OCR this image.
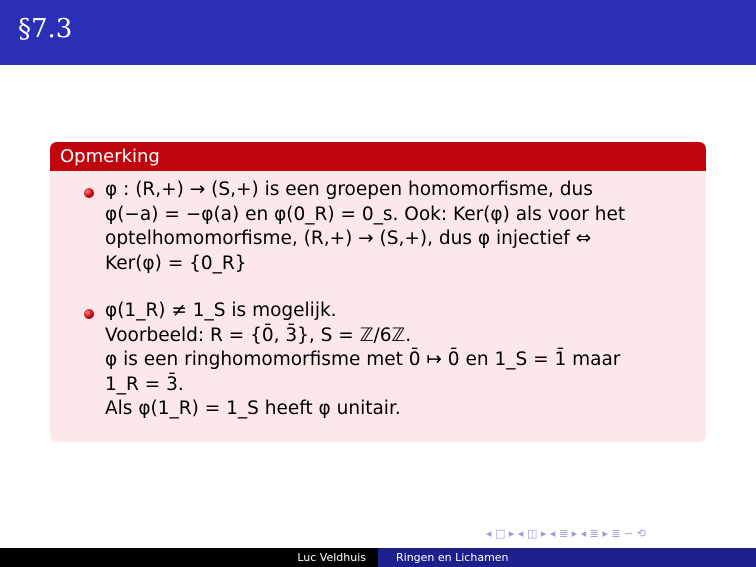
§7.3
Opmerking
φ : (R,+) → (S,+) is een groepen homomorfisme, dus
φ(−a) = −φ(a) en φ(0_R) = 0_s. Ook: Ker(φ) als voor het
optelhomomorfisme, (R,+) → (S,+), dus φ injectief ⇔
Ker(φ) = {0_R}
φ(1_R) ≠ 1_S is mogelijk.
Voorbeeld: R = {0̄, 3̄}, S = ℤ/6ℤ.
φ is een ringhomomorfisme met 0̄ ↦ 0̄ en 1_S = 1̄ maar
1_R = 3̄.
Als φ(1_R) = 1_S heeft φ unitair.
◂ □ ▸ ◂ ◫ ▸ ◂ ≣ ▸ ◂ ≣ ▸ ≣ ∽ ⟲
Luc Veldhuis	Ringen en Lichamen
